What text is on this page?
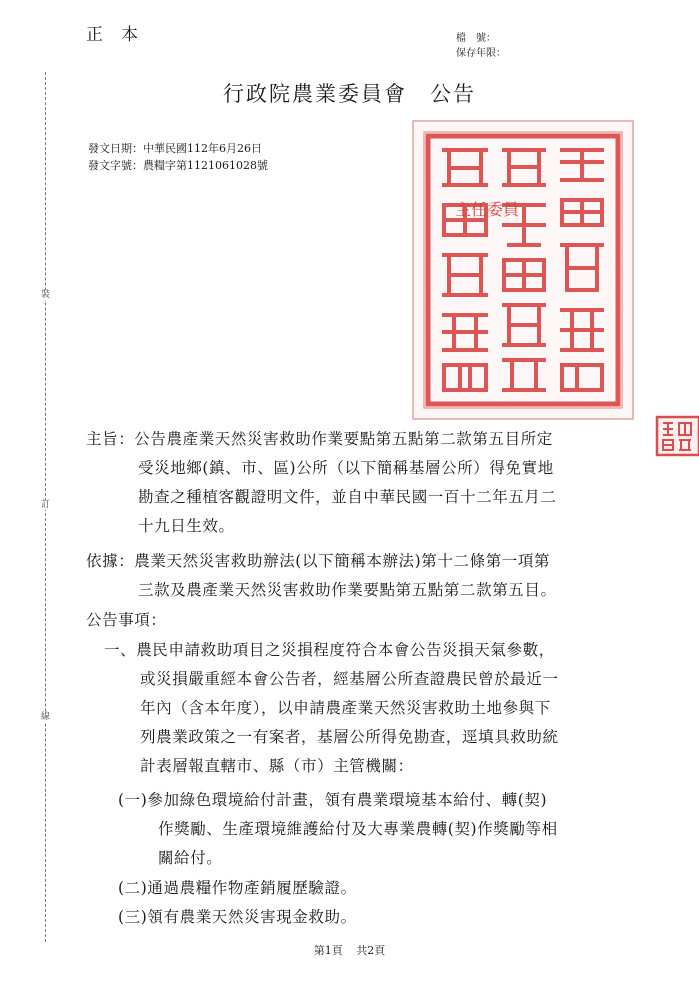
正本	檔　號：
保存年限：
行政院農業委員會　公告
發文日期：中華民國112年6月26日
發文字號：農糧字第1121061028號
裝
訂
線
主任委員
主旨：公告農產業天然災害救助作業要點第五點第二款第五目所定
受災地鄉(鎮、市、區)公所（以下簡稱基層公所）得免實地
勘查之種植客觀證明文件，並自中華民國一百十二年五月二
十九日生效。
依據：農業天然災害救助辦法(以下簡稱本辦法)第十二條第一項第
三款及農產業天然災害救助作業要點第五點第二款第五目。
公告事項：
一、農民申請救助項目之災損程度符合本會公告災損天氣參數，
或災損嚴重經本會公告者，經基層公所查證農民曾於最近一
年內（含本年度），以申請農產業天然災害救助土地參與下
列農業政策之一有案者，基層公所得免勘查，逕填具救助統
計表層報直轄市、縣（市）主管機關：
(一)參加綠色環境給付計畫，領有農業環境基本給付、轉(契)
作獎勵、生產環境維護給付及大專業農轉(契)作獎勵等相
關給付。
(二)通過農糧作物產銷履歷驗證。
(三)領有農業天然災害現金救助。
第1頁 共2頁
